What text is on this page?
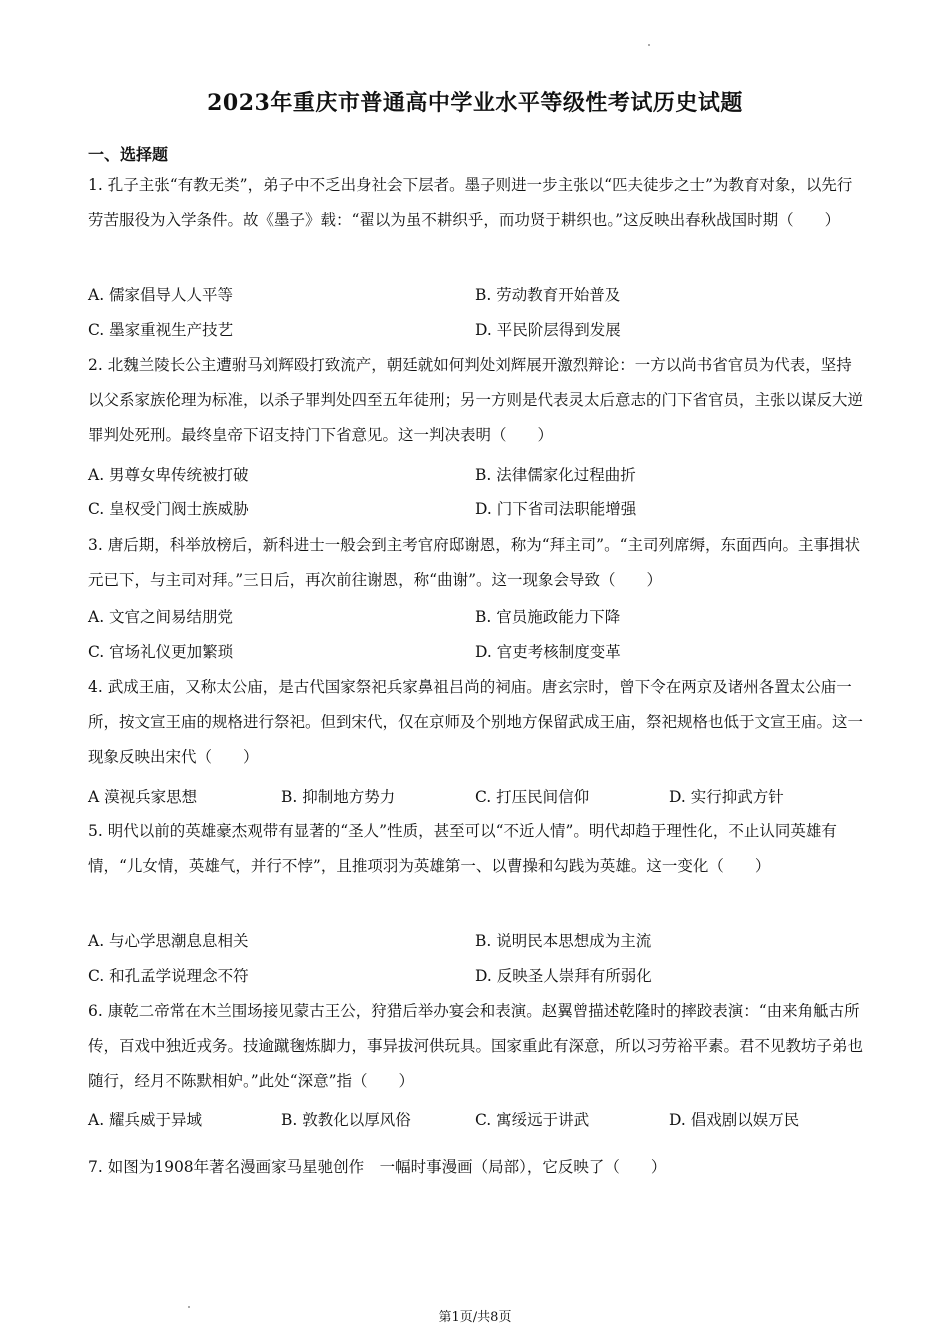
2023年重庆市普通高中学业水平等级性考试历史试题
一、选择题
1. 孔子主张“有教无类”，弟子中不乏出身社会下层者。墨子则进一步主张以“匹夫徒步之士”为教育对象，以先行劳苦服役为入学条件。故《墨子》载：“翟以为虽不耕织乎，而功贤于耕织也。”这反映出春秋战国时期（　　）
A. 儒家倡导人人平等	B. 劳动教育开始普及
C. 墨家重视生产技艺	D. 平民阶层得到发展
2. 北魏兰陵长公主遭驸马刘辉殴打致流产，朝廷就如何判处刘辉展开激烈辩论：一方以尚书省官员为代表，坚持以父系家族伦理为标准，以杀子罪判处四至五年徒刑；另一方则是代表灵太后意志的门下省官员，主张以谋反大逆罪判处死刑。最终皇帝下诏支持门下省意见。这一判决表明（　　）
A. 男尊女卑传统被打破	B. 法律儒家化过程曲折
C. 皇权受门阀士族威胁	D. 门下省司法职能增强
3. 唐后期，科举放榜后，新科进士一般会到主考官府邸谢恩，称为“拜主司”。“主司列席缛，东面西向。主事揖状元已下，与主司对拜。”三日后，再次前往谢恩，称“曲谢”。这一现象会导致（　　）
A. 文官之间易结朋党	B. 官员施政能力下降
C. 官场礼仪更加繁琐	D. 官吏考核制度变革
4. 武成王庙，又称太公庙，是古代国家祭祀兵家鼻祖吕尚的祠庙。唐玄宗时，曾下令在两京及诸州各置太公庙一所，按文宣王庙的规格进行祭祀。但到宋代，仅在京师及个别地方保留武成王庙，祭祀规格也低于文宣王庙。这一现象反映出宋代（　　）
A 漠视兵家思想	B. 抑制地方势力	C. 打压民间信仰	D. 实行抑武方针
5. 明代以前的英雄豪杰观带有显著的“圣人”性质，甚至可以“不近人情”。明代却趋于理性化，不止认同英雄有情，“儿女情，英雄气，并行不悖”，且推项羽为英雄第一、以曹操和勾践为英雄。这一变化（　　）
A. 与心学思潮息息相关	B. 说明民本思想成为主流
C. 和孔孟学说理念不符	D. 反映圣人崇拜有所弱化
6. 康乾二帝常在木兰围场接见蒙古王公，狩猎后举办宴会和表演。赵翼曾描述乾隆时的摔跤表演：“由来角觝古所传，百戏中独近戎务。技逾蹴毱炼脚力，事异拔河供玩具。国家重此有深意，所以习劳裕平素。君不见教坊子弟也随行，经月不陈默相妒。”此处“深意”指（　　）
A. 耀兵威于异域	B. 敦教化以厚风俗	C. 寓绥远于讲武	D. 倡戏剧以娱万民
7. 如图为1908年著名漫画家马星驰创作　一幅时事漫画（局部），它反映了（　　）
第1页/共8页
